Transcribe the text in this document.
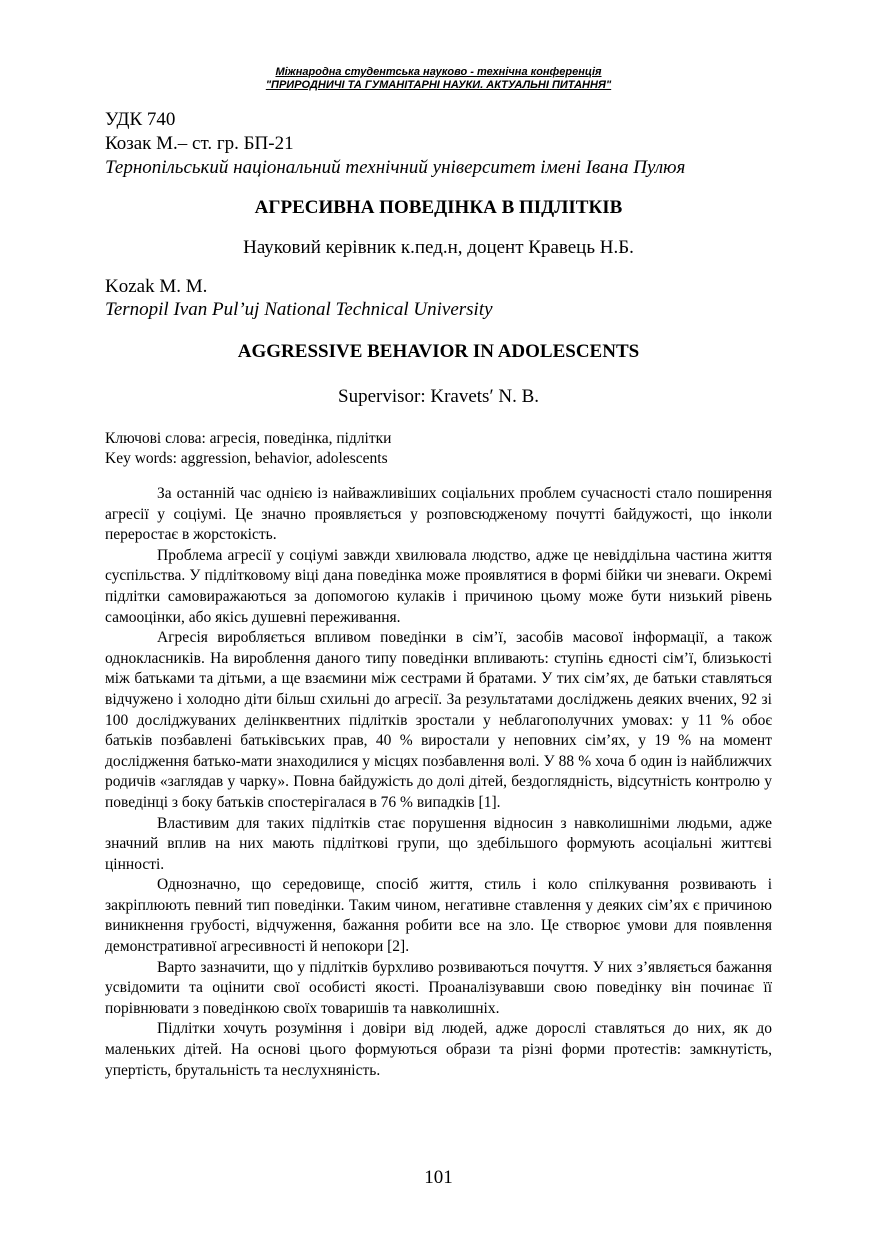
Міжнародна студентська науково - технічна конференція
"ПРИРОДНИЧІ ТА ГУМАНІТАРНІ НАУКИ. АКТУАЛЬНІ ПИТАННЯ"
УДК 740
Козак М.– ст. гр. БП-21
Тернопільський національний технічний університет імені Івана Пулюя
АГРЕСИВНА ПОВЕДІНКА В ПІДЛІТКІВ
Науковий керівник к.пед.н, доцент Кравець Н.Б.
Kozak M. M.
Ternopil Ivan Pul’uj National Technical University
AGGRESSIVE BEHAVIOR IN ADOLESCENTS
Supervisor: Kravets′ N. B.
Ключові слова: агресія, поведінка, підлітки
Key words: aggression, behavior, adolescents

За останній час однією із найважливіших соціальних проблем сучасності стало поширення агресії у соціумі. Це значно проявляється у розповсюдженому почутті байдужості, що інколи переростає в жорстокість.

Проблема агресії у соціумі завжди хвилювала людство, адже це невіддільна частина життя суспільства. У підлітковому віці дана поведінка може проявлятися в формі бійки чи зневаги. Окремі підлітки самовиражаються за допомогою кулаків і причиною цьому може бути низький рівень самооцінки, або якісь душевні переживання.

Агресія виробляється впливом поведінки в сім’ї, засобів масової інформації, а також однокласників. На вироблення даного типу поведінки впливають: ступінь єдності сім’ї, близькості між батьками та дітьми, а ще взаємини між сестрами й братами. У тих сім’ях, де батьки ставляться відчужено і холодно діти більш схильні до агресії. За результатами досліджень деяких вчених, 92 зі 100 досліджуваних делінквентних підлітків зростали у неблагополучних умовах: у 11 % обоє батьків позбавлені батьківських прав, 40 % виростали у неповних сім’ях, у 19 % на момент дослідження батько-мати знаходилися у місцях позбавлення волі. У 88 % хоча б один із найближчих родичів «заглядав у чарку». Повна байдужість до долі дітей, бездоглядність, відсутність контролю у поведінці з боку батьків спостерігалася в 76 % випадків [1].

Властивим для таких підлітків стає порушення відносин з навколишніми людьми, адже значний вплив на них мають підліткові групи, що здебільшого формують асоціальні життєві цінності.

Однозначно, що середовище, спосіб життя, стиль і коло спілкування розвивають і закріплюють певний тип поведінки. Таким чином, негативне ставлення у деяких сім’ях є причиною виникнення грубості, відчуження, бажання робити все на зло. Це створює умови для появлення демонстративної агресивності й непокори [2].

Варто зазначити, що у підлітків бурхливо розвиваються почуття. У них з’являється бажання усвідомити та оцінити свої особисті якості. Проаналізувавши свою поведінку він починає її порівнювати з поведінкою своїх товаришів та навколишніх.

Підлітки хочуть розуміння і довіри від людей, адже дорослі ставляться до них, як до маленьких дітей. На основі цього формуються образи та різні форми протестів: замкнутість, упертість, брутальність та неслухняність.

101
